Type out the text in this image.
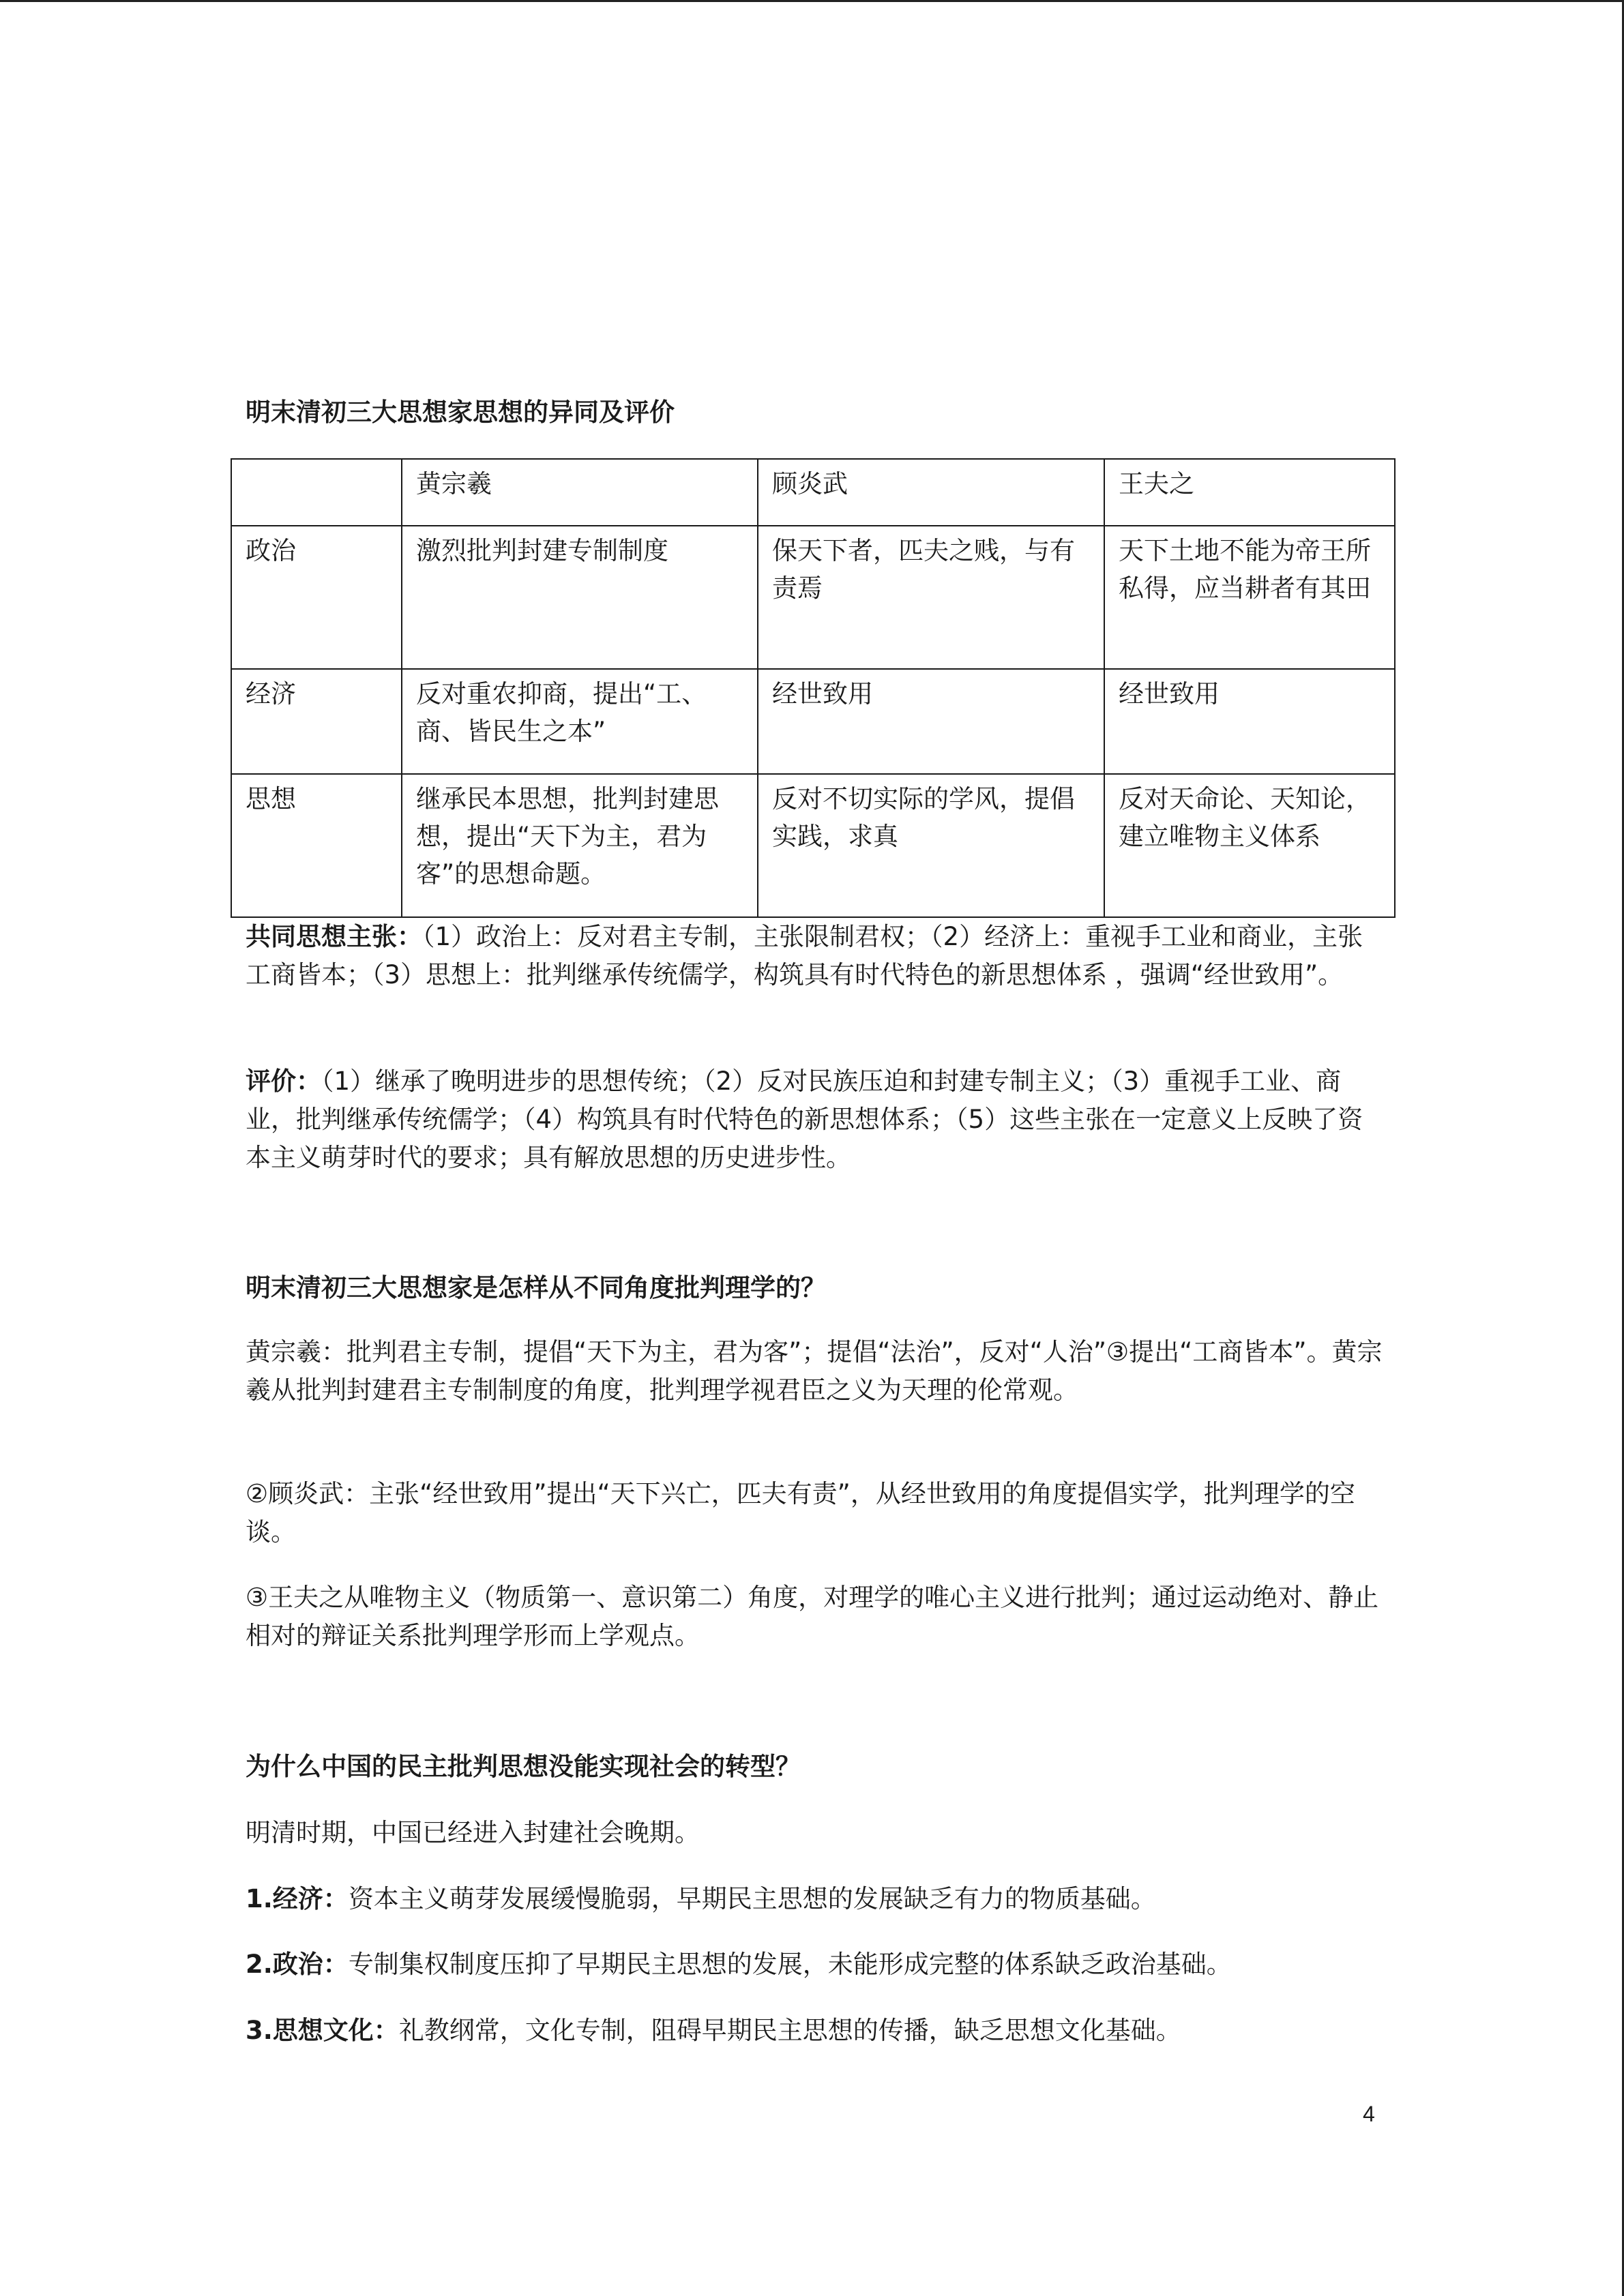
明末清初三大思想家思想的异同及评价
	黄宗羲	顾炎武	王夫之
政治	激烈批判封建专制制度	保天下者，匹夫之贱，与有责焉	天下土地不能为帝王所私得，应当耕者有其田
经济	反对重农抑商，提出“工、商、皆民生之本”	经世致用	经世致用
思想	继承民本思想，批判封建思想，提出“天下为主，君为客”的思想命题。	反对不切实际的学风，提倡实践，求真	反对天命论、天知论，建立唯物主义体系

共同思想主张：（1）政治上：反对君主专制，主张限制君权；（2）经济上：重视手工业和商业，主张工商皆本；（3）思想上：批判继承传统儒学，构筑具有时代特色的新思想体系 ，强调“经世致用”。

评价：（1）继承了晚明进步的思想传统；（2）反对民族压迫和封建专制主义；（3）重视手工业、商业，批判继承传统儒学；（4）构筑具有时代特色的新思想体系；（5）这些主张在一定意义上反映了资本主义萌芽时代的要求；具有解放思想的历史进步性。

明末清初三大思想家是怎样从不同角度批判理学的？

黄宗羲：批判君主专制，提倡“天下为主，君为客”；提倡“法治”，反对“人治”③提出“工商皆本”。黄宗羲从批判封建君主专制制度的角度，批判理学视君臣之义为天理的伦常观。

②顾炎武：主张“经世致用”提出“天下兴亡，匹夫有责”，从经世致用的角度提倡实学，批判理学的空谈。

③王夫之从唯物主义（物质第一、意识第二）角度，对理学的唯心主义进行批判；通过运动绝对、静止相对的辩证关系批判理学形而上学观点。

为什么中国的民主批判思想没能实现社会的转型？

明清时期，中国已经进入封建社会晚期。

1.经济：资本主义萌芽发展缓慢脆弱，早期民主思想的发展缺乏有力的物质基础。

2.政治：专制集权制度压抑了早期民主思想的发展，未能形成完整的体系缺乏政治基础。

3.思想文化：礼教纲常，文化专制，阻碍早期民主思想的传播，缺乏思想文化基础。

4
